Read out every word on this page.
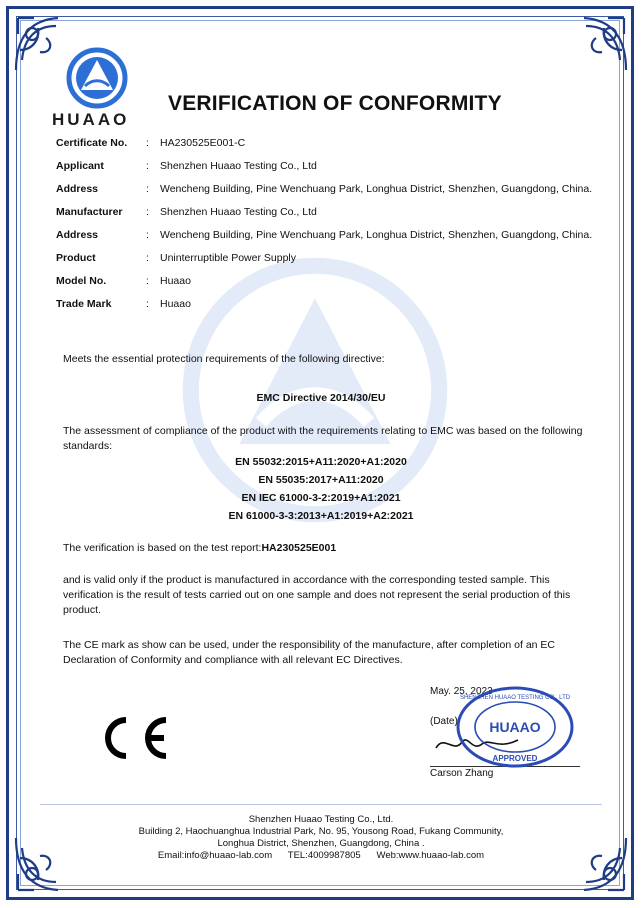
HUAAO
VERIFICATION OF CONFORMITY
Certificate No.	:	HA230525E001-C
Applicant	:	Shenzhen Huaao Testing Co., Ltd
Address	:	Wencheng Building, Pine Wenchuang Park, Longhua District, Shenzhen, Guangdong, China.
Manufacturer	:	Shenzhen Huaao Testing Co., Ltd
Address	:	Wencheng Building, Pine Wenchuang Park, Longhua District, Shenzhen, Guangdong, China.
Product	:	Uninterruptible Power Supply
Model No.	:	Huaao
Trade Mark	:	Huaao
Meets the essential protection requirements of the following directive:
EMC Directive 2014/30/EU
The assessment of compliance of the product with the requirements relating to EMC was based on the following standards:
EN 55032:2015+A11:2020+A1:2020
EN 55035:2017+A11:2020
EN IEC 61000-3-2:2019+A1:2021
EN 61000-3-3:2013+A1:2019+A2:2021
The verification is based on the test report:HA230525E001
and is valid only if the product is manufactured in accordance with the corresponding tested sample. This verification is the result of tests carried out on one sample and does not represent the serial production of this product.
The CE mark as show can be used, under the responsibility of the manufacture, after completion of an EC Declaration of Conformity and compliance with all relevant EC Directives.
May. 25, 2023
(Date)
Carson Zhang
HUAAO
SHENZHEN HUAAO TESTING CO., LTD
APPROVED
Shenzhen Huaao Testing Co., Ltd.
Building 2, Haochuanghua Industrial Park, No. 95, Yousong Road, Fukang Community,
Longhua District, Shenzhen, Guangdong, China .
Email:info@huaao-lab.com      TEL:4009987805      Web:www.huaao-lab.com
